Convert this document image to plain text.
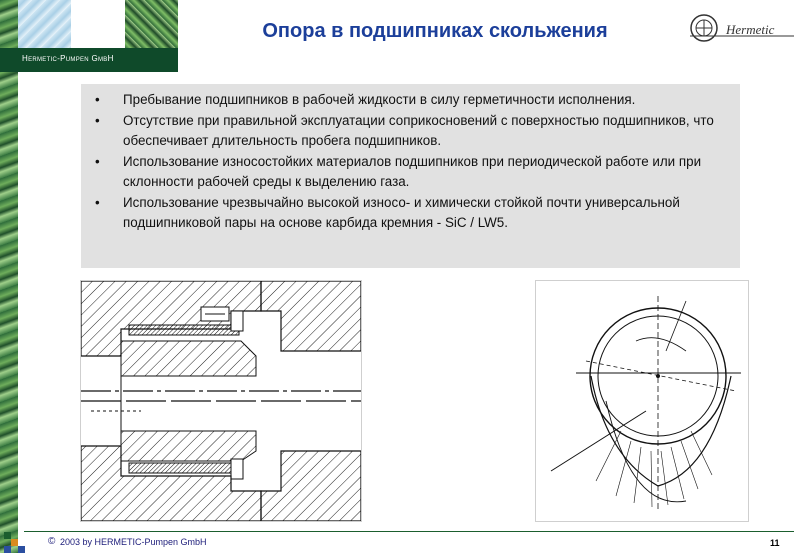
Hermetic-Pumpen GmbH
Опора в подшипниках скольжения	Hermetic
• Пребывание подшипников в рабочей жидкости в силу герметичности исполнения.
• Отсутствие при правильной эксплуатации соприкосновений с поверхностью подшипников, что обеспечивает длительность пробега подшипников.
• Использование износостойких материалов подшипников при периодической работе или при склонности рабочей среды к выделению газа.
• Использование чрезвычайно высокой износо- и химически стойкой почти универсальной подшипниковой пары на основе карбида кремния - SiC / LW5.
© 2003 by HERMETIC-Pumpen GmbH	11
